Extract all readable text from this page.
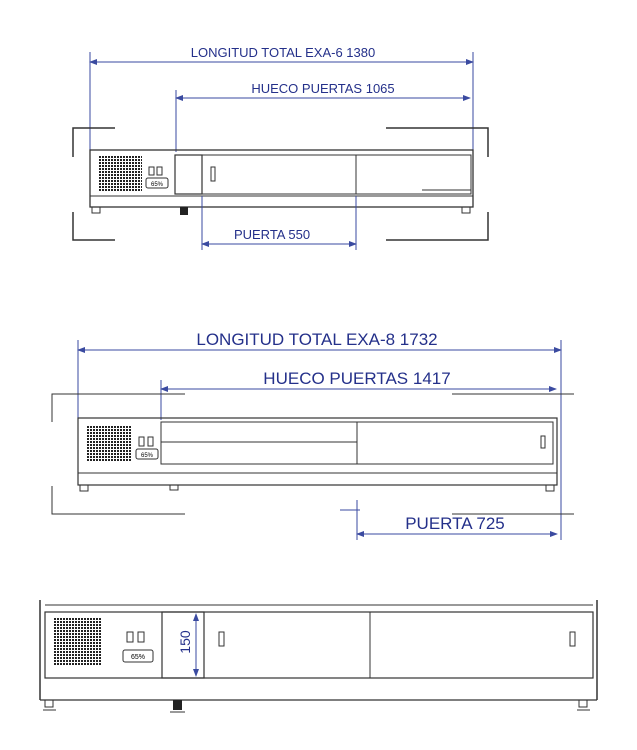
LONGITUD TOTAL EXA-6 1380
HUECO PUERTAS 1065
65%
PUERTA 550
LONGITUD TOTAL EXA-8 1732
HUECO PUERTAS 1417
65%
PUERTA 725
65%
150
